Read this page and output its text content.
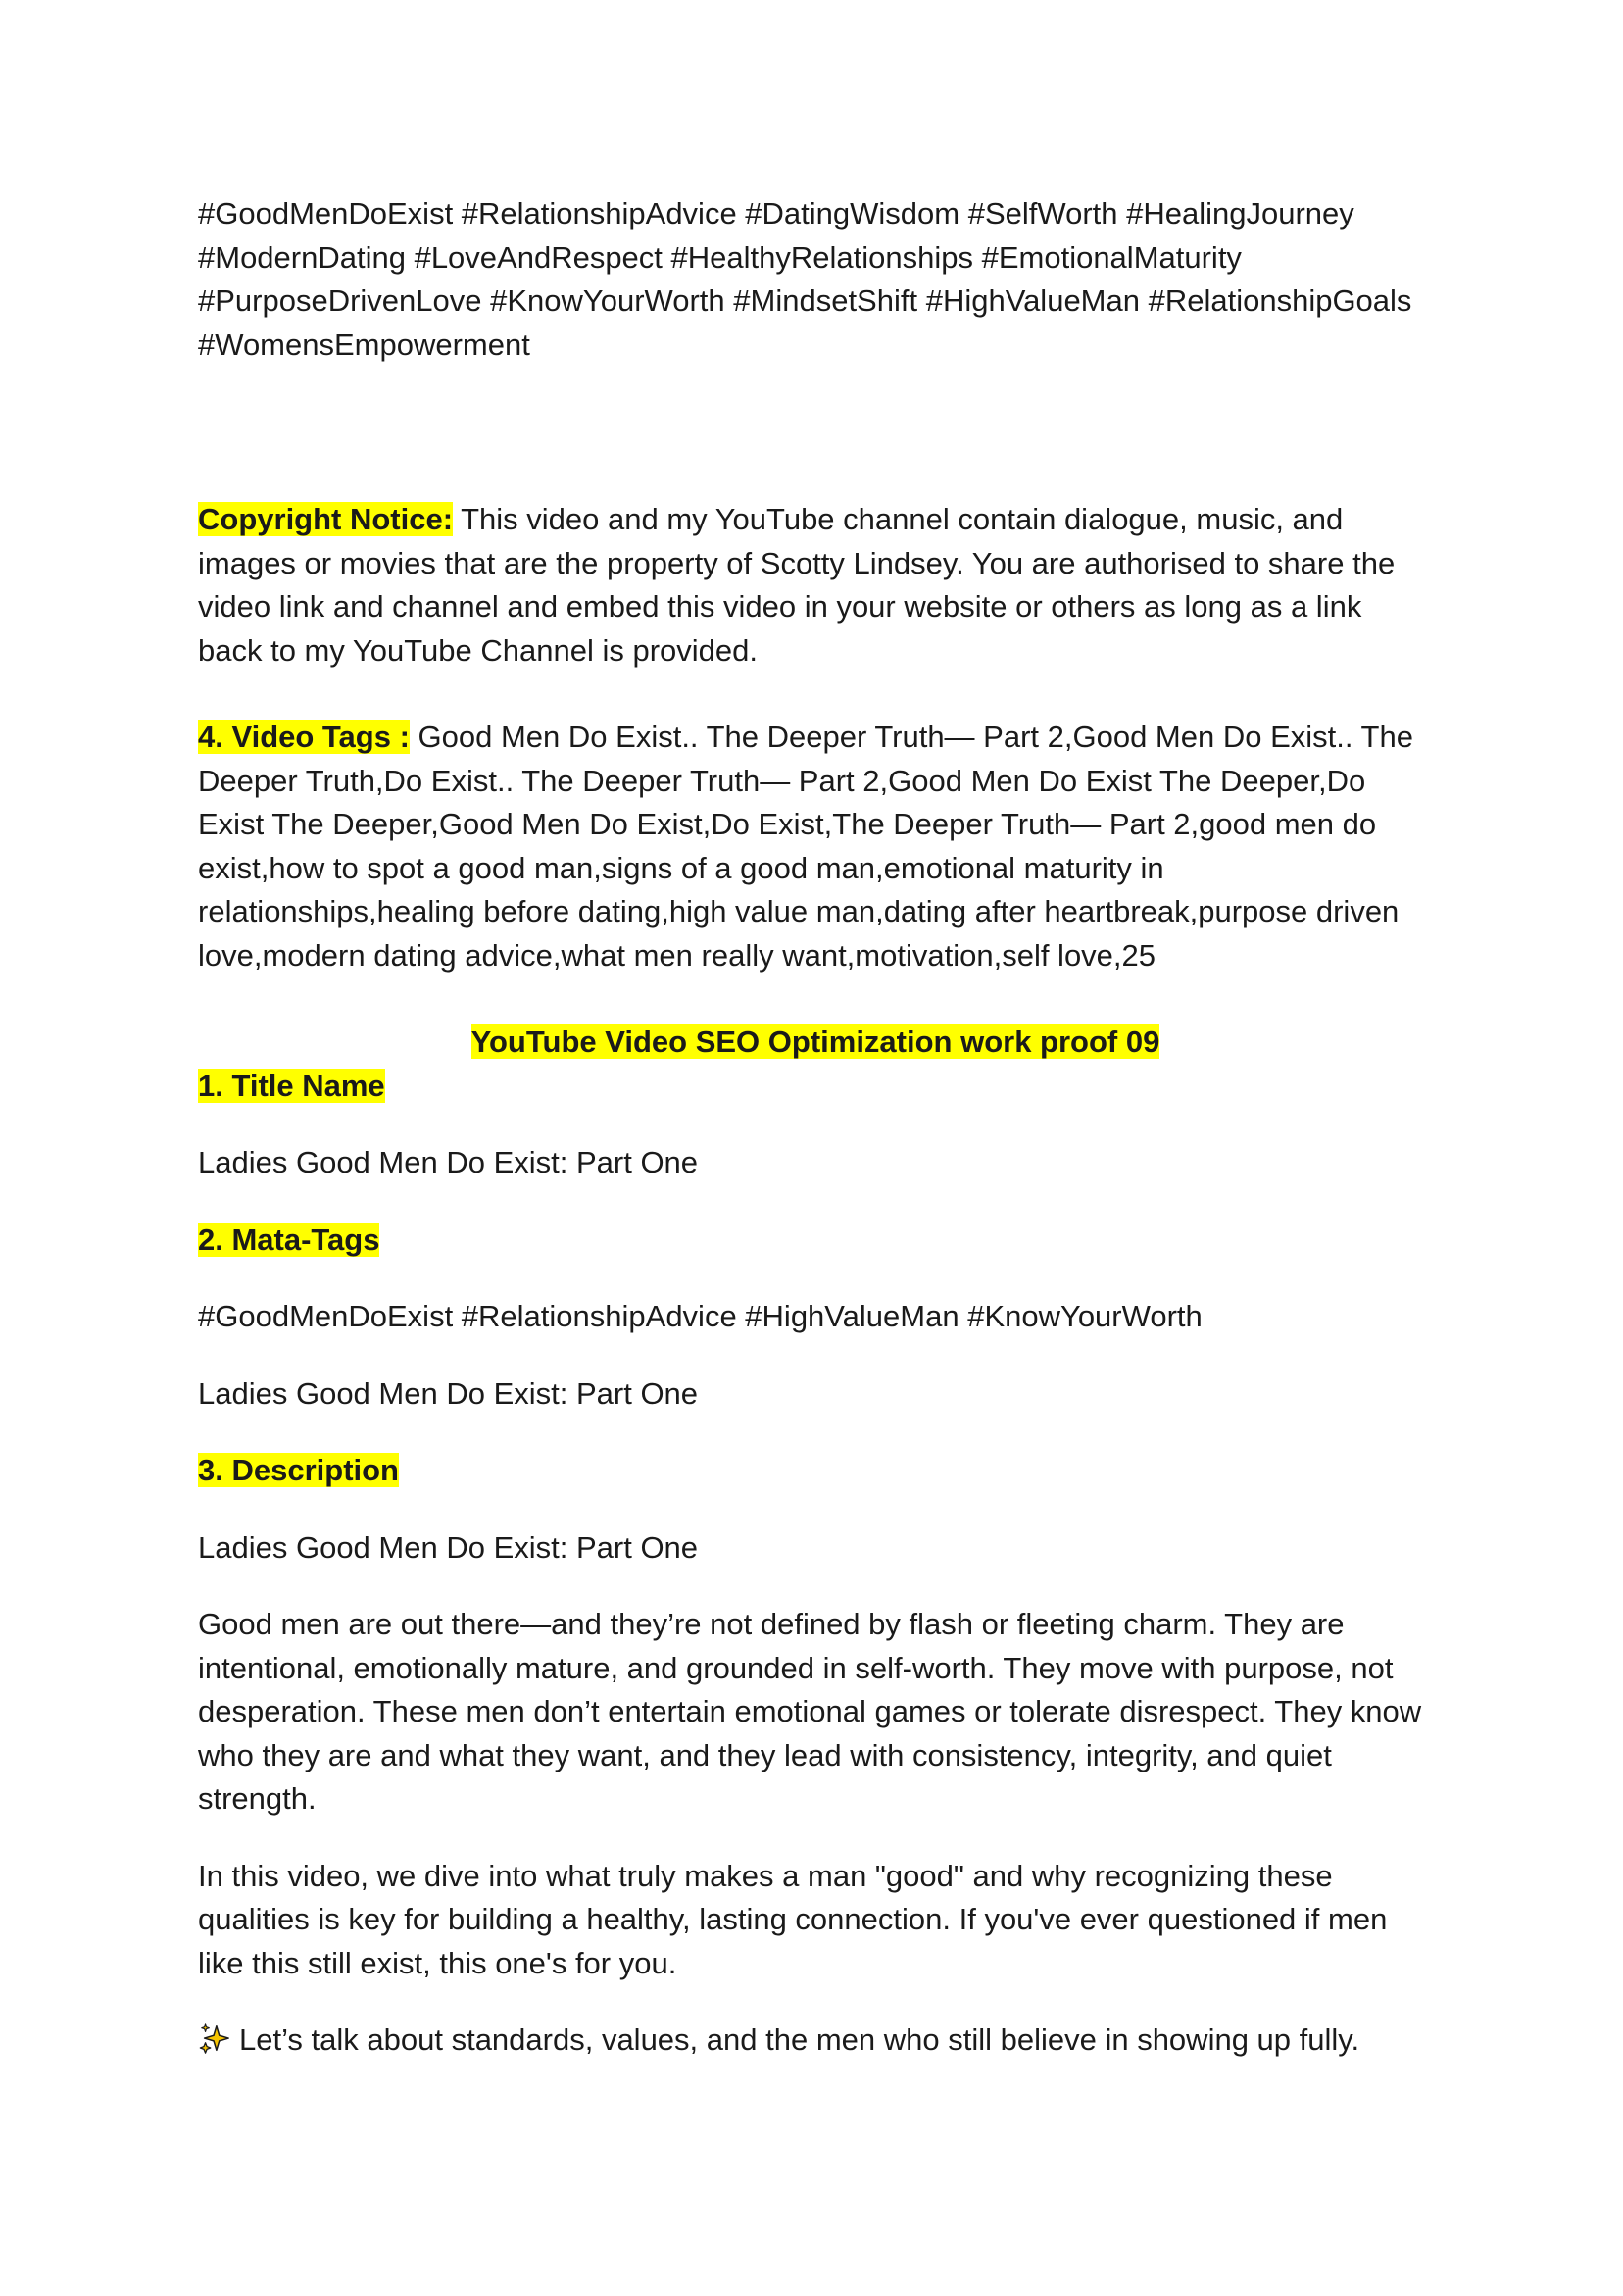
#GoodMenDoExist #RelationshipAdvice #DatingWisdom #SelfWorth #HealingJourney #ModernDating #LoveAndRespect #HealthyRelationships #EmotionalMaturity #PurposeDrivenLove #KnowYourWorth #MindsetShift #HighValueMan #RelationshipGoals #WomensEmpowerment

Copyright Notice: This video and my YouTube channel contain dialogue, music, and images or movies that are the property of Scotty Lindsey. You are authorised to share the video link and channel and embed this video in your website or others as long as a link back to my YouTube Channel is provided.

4. Video Tags : Good Men Do Exist.. The Deeper Truth— Part 2,Good Men Do Exist.. The Deeper Truth,Do Exist.. The Deeper Truth— Part 2,Good Men Do Exist The Deeper,Do Exist The Deeper,Good Men Do Exist,Do Exist,The Deeper Truth— Part 2,good men do exist,how to spot a good man,signs of a good man,emotional maturity in relationships,healing before dating,high value man,dating after heartbreak,purpose driven love,modern dating advice,what men really want,motivation,self love,25

YouTube Video SEO Optimization work proof 09

1. Title Name

Ladies Good Men Do Exist: Part One

2. Mata-Tags

#GoodMenDoExist #RelationshipAdvice #HighValueMan #KnowYourWorth

Ladies Good Men Do Exist: Part One

3. Description

Ladies Good Men Do Exist: Part One

Good men are out there—and they’re not defined by flash or fleeting charm. They are intentional, emotionally mature, and grounded in self-worth. They move with purpose, not desperation. These men don’t entertain emotional games or tolerate disrespect. They know who they are and what they want, and they lead with consistency, integrity, and quiet strength.

In this video, we dive into what truly makes a man "good" and why recognizing these qualities is key for building a healthy, lasting connection. If you've ever questioned if men like this still exist, this one's for you.

Let’s talk about standards, values, and the men who still believe in showing up fully.
